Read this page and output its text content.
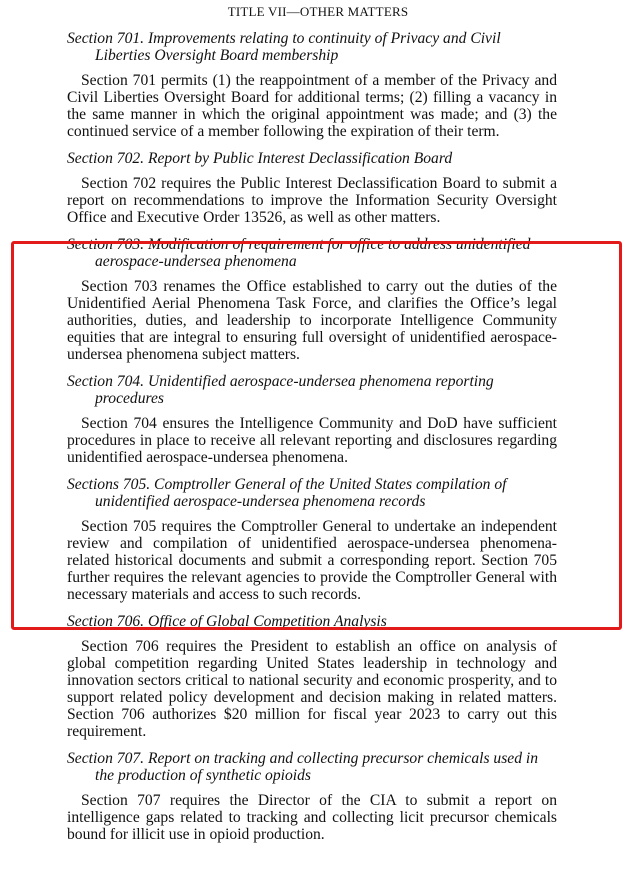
TITLE VII—OTHER MATTERS

Section 701. Improvements relating to continuity of Privacy and Civil Liberties Oversight Board membership

Section 701 permits (1) the reappointment of a member of the Privacy and Civil Liberties Oversight Board for additional terms; (2) filling a vacancy in the same manner in which the original appointment was made; and (3) the continued service of a member following the expiration of their term.

Section 702. Report by Public Interest Declassification Board

Section 702 requires the Public Interest Declassification Board to submit a report on recommendations to improve the Information Security Oversight Office and Executive Order 13526, as well as other matters.

Section 703. Modification of requirement for office to address unidentified aerospace-undersea phenomena

Section 703 renames the Office established to carry out the duties of the Unidentified Aerial Phenomena Task Force, and clarifies the Office’s legal authorities, duties, and leadership to incorporate Intelligence Community equities that are integral to ensuring full oversight of unidentified aerospace-undersea phenomena subject matters.

Section 704. Unidentified aerospace-undersea phenomena reporting procedures

Section 704 ensures the Intelligence Community and DoD have sufficient procedures in place to receive all relevant reporting and disclosures regarding unidentified aerospace-undersea phenomena.

Sections 705. Comptroller General of the United States compilation of unidentified aerospace-undersea phenomena records

Section 705 requires the Comptroller General to undertake an independent review and compilation of unidentified aerospace-undersea phenomena-related historical documents and submit a corresponding report. Section 705 further requires the relevant agencies to provide the Comptroller General with necessary materials and access to such records.

Section 706. Office of Global Competition Analysis

Section 706 requires the President to establish an office on analysis of global competition regarding United States leadership in technology and innovation sectors critical to national security and economic prosperity, and to support related policy development and decision making in related matters. Section 706 authorizes $20 million for fiscal year 2023 to carry out this requirement.

Section 707. Report on tracking and collecting precursor chemicals used in the production of synthetic opioids

Section 707 requires the Director of the CIA to submit a report on intelligence gaps related to tracking and collecting licit precursor chemicals bound for illicit use in opioid production.
